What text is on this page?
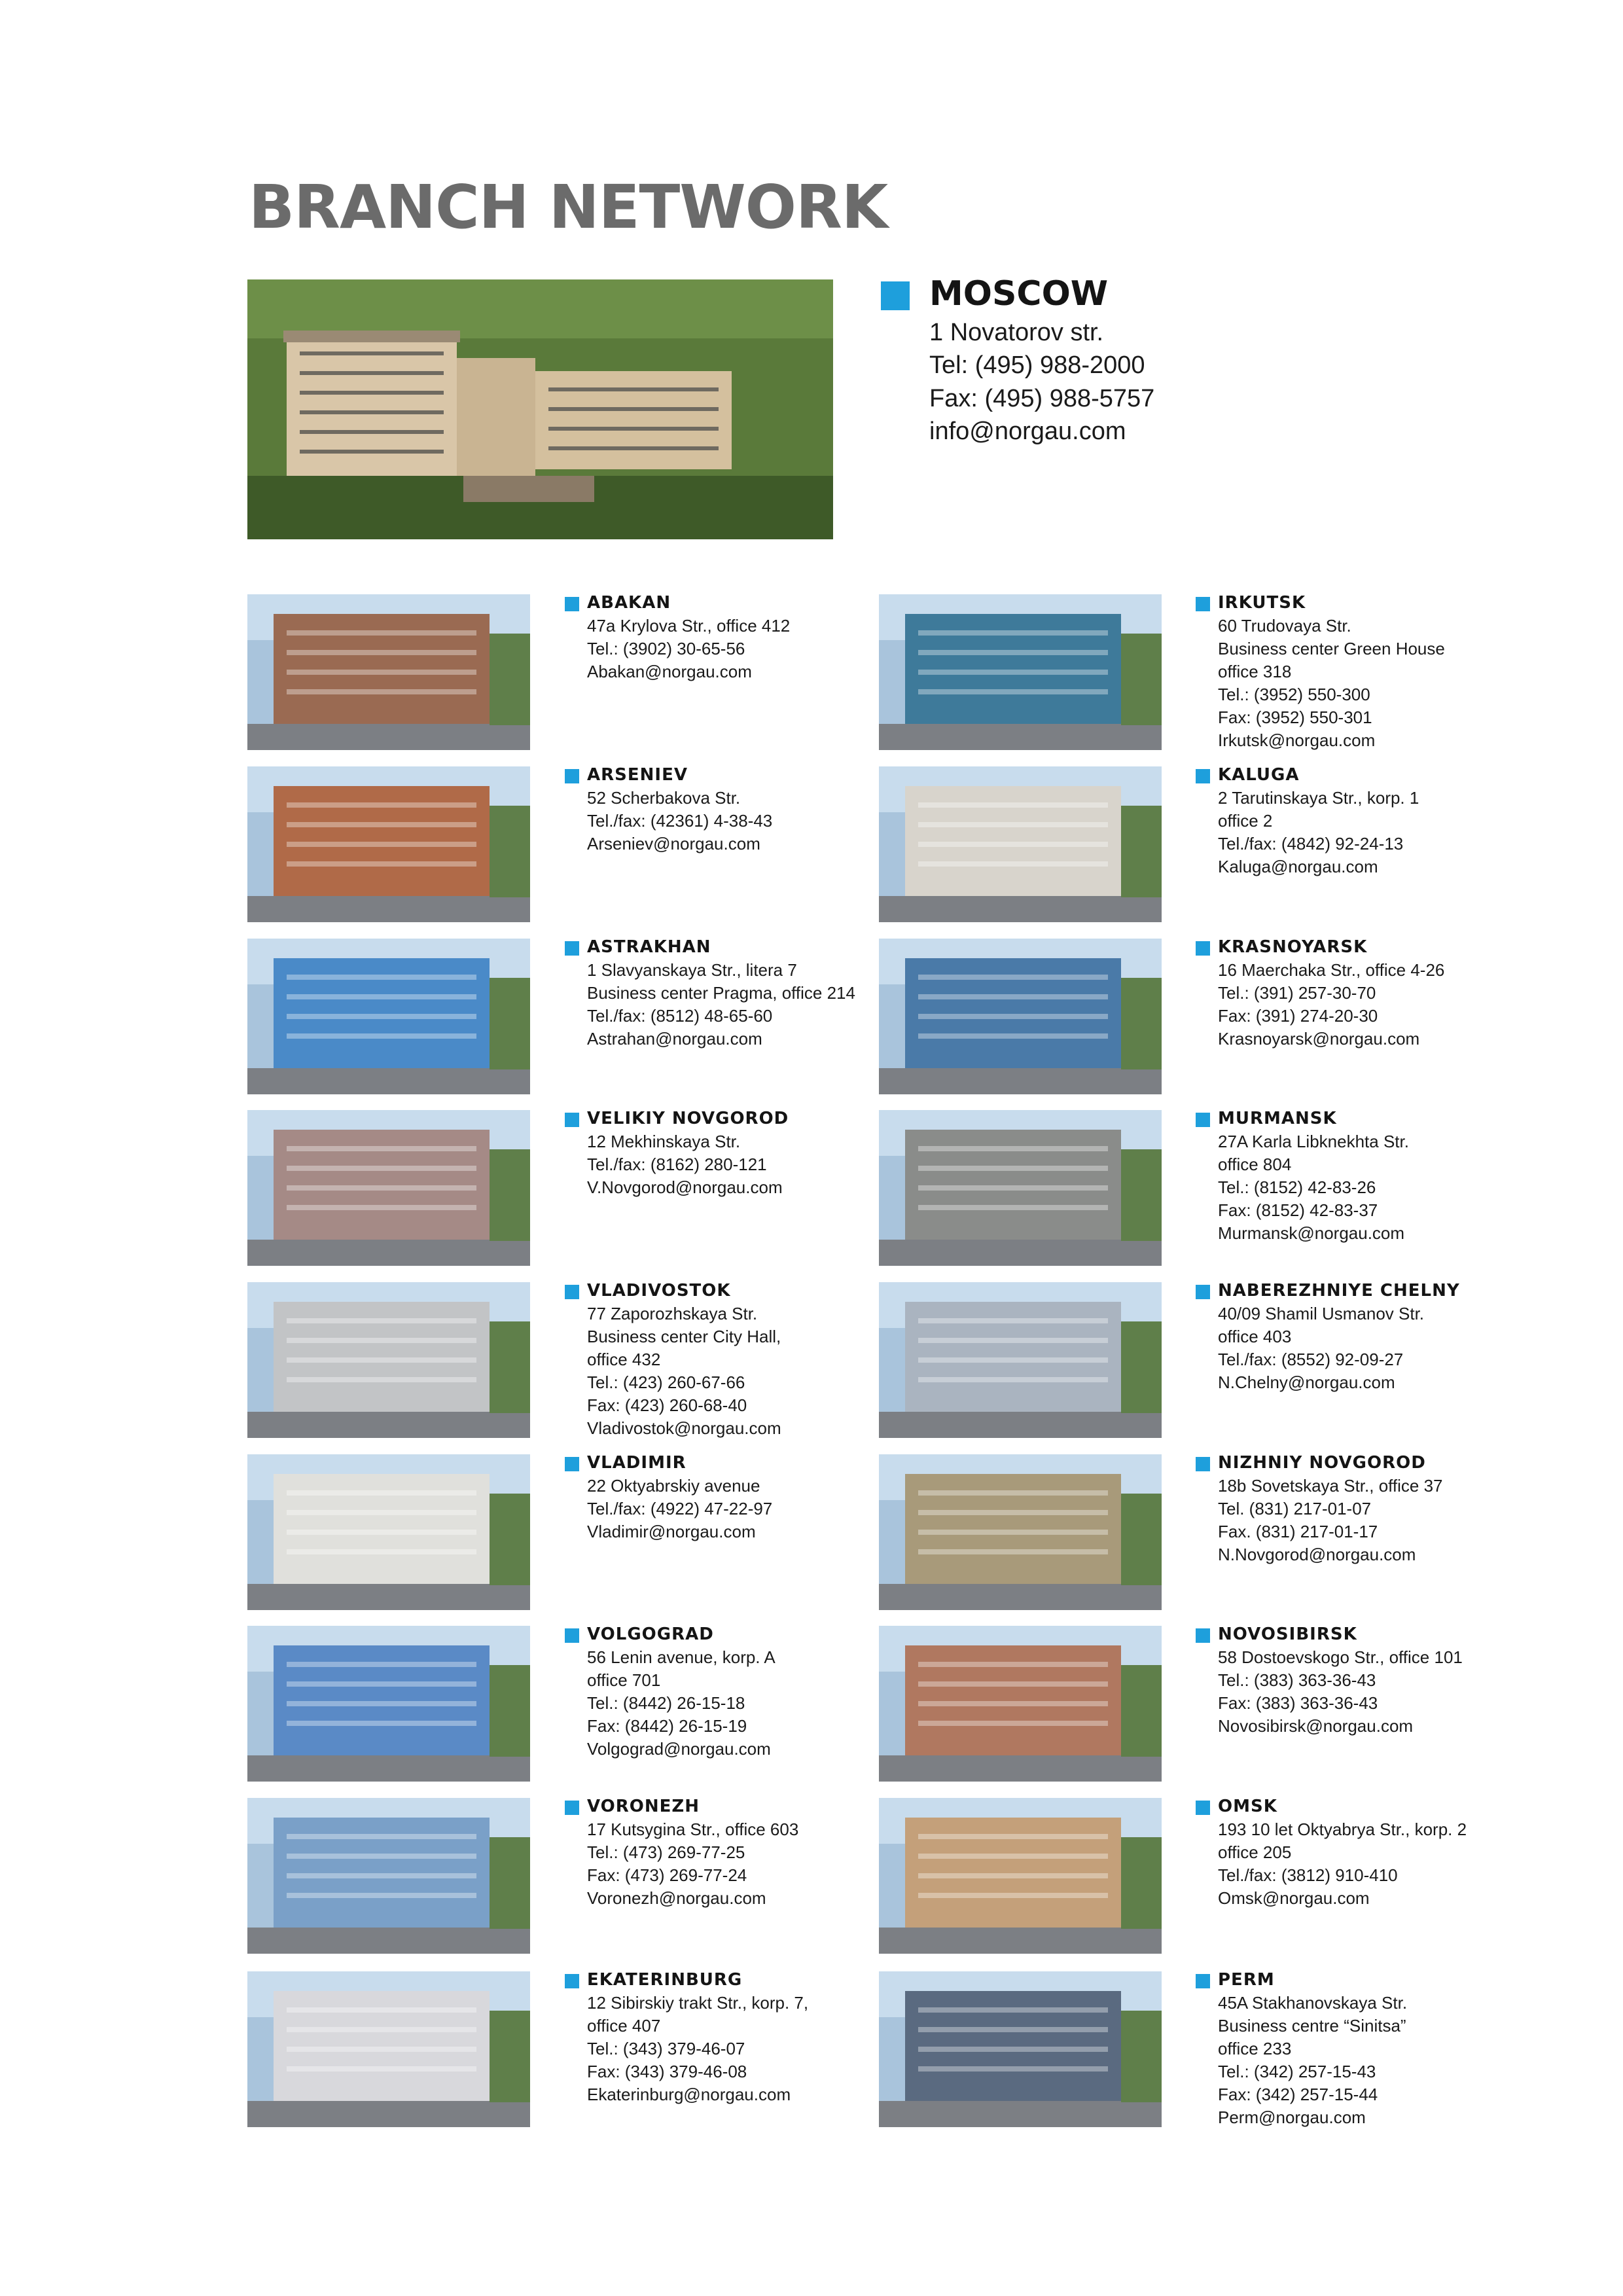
BRANCH NETWORK
MOSCOW
1 Novatorov str.
Tel: (495) 988-2000
Fax: (495) 988-5757
info@norgau.com
ABAKAN
47a Krylova Str., office 412
Tel.: (3902) 30-65-56
Abakan@norgau.com
ARSENIEV
52 Scherbakova Str.
Tel./fax: (42361) 4-38-43
Arseniev@norgau.com
ASTRAKHAN
1 Slavyanskaya Str., litera 7
Business center Pragma, office 214
Tel./fax: (8512) 48-65-60
Astrahan@norgau.com
VELIKIY NOVGOROD
12 Mekhinskaya Str.
Tel./fax: (8162) 280-121
V.Novgorod@norgau.com
VLADIVOSTOK
77 Zaporozhskaya Str.
Business center City Hall,
office 432
Tel.: (423) 260-67-66
Fax: (423) 260-68-40
Vladivostok@norgau.com
VLADIMIR
22 Oktyabrskiy avenue
Tel./fax: (4922) 47-22-97
Vladimir@norgau.com
VOLGOGRAD
56 Lenin avenue, korp. A
office 701
Tel.: (8442) 26-15-18
Fax: (8442) 26-15-19
Volgograd@norgau.com
VORONEZH
17 Kutsygina Str., office 603
Tel.: (473) 269-77-25
Fax: (473) 269-77-24
Voronezh@norgau.com
EKATERINBURG
12 Sibirskiy trakt Str., korp. 7,
office 407
Tel.: (343) 379-46-07
Fax: (343) 379-46-08
Ekaterinburg@norgau.com
IRKUTSK
60 Trudovaya Str.
Business center Green House
office 318
Tel.: (3952) 550-300
Fax: (3952) 550-301
Irkutsk@norgau.com
KALUGA
2 Tarutinskaya Str., korp. 1
office 2
Tel./fax: (4842) 92-24-13
Kaluga@norgau.com
KRASNOYARSK
16 Maerchaka Str., office 4-26
Tel.: (391) 257-30-70
Fax: (391) 274-20-30
Krasnoyarsk@norgau.com
MURMANSK
27A Karla Libknekhta Str.
office 804
Tel.: (8152) 42-83-26
Fax: (8152) 42-83-37
Murmansk@norgau.com
NABEREZHNIYE CHELNY
40/09 Shamil Usmanov Str.
office 403
Tel./fax: (8552) 92-09-27
N.Chelny@norgau.com
NIZHNIY NOVGOROD
18b Sovetskaya Str., office 37
Tel. (831) 217-01-07
Fax. (831) 217-01-17
N.Novgorod@norgau.com
NOVOSIBIRSK
58 Dostoevskogo Str., office 101
Tel.: (383) 363-36-43
Fax: (383) 363-36-43
Novosibirsk@norgau.com
OMSK
193 10 let Oktyabrya Str., korp. 2
office 205
Tel./fax: (3812) 910-410
Omsk@norgau.com
PERM
45A Stakhanovskaya Str.
Business centre “Sinitsa”
office 233
Tel.: (342) 257-15-43
Fax: (342) 257-15-44
Perm@norgau.com
